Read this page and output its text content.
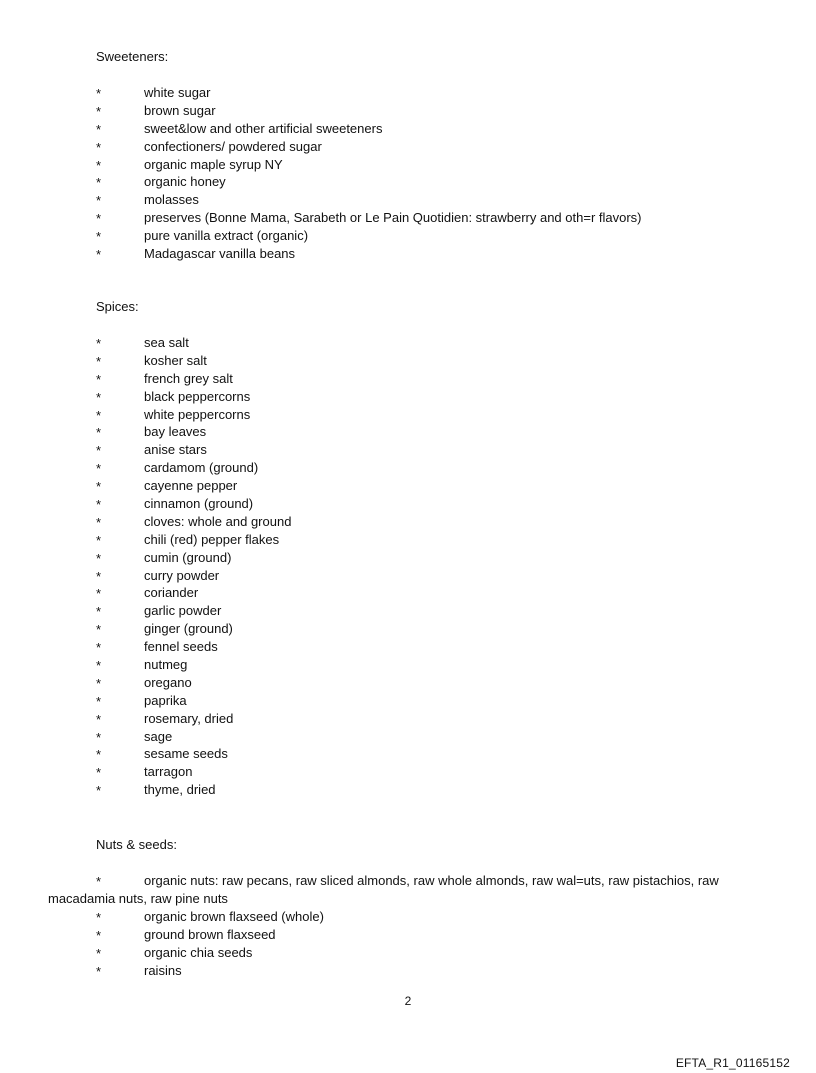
Sweeteners:
*	white sugar
*	brown sugar
*	sweet&low and other artificial sweeteners
*	confectioners/ powdered sugar
*	organic maple syrup NY
*	organic honey
*	molasses
*	preserves (Bonne Mama, Sarabeth or Le Pain Quotidien: strawberry and oth=r flavors)
*	pure vanilla extract (organic)
*	Madagascar vanilla beans
Spices:
*	sea salt
*	kosher salt
*	french grey salt
*	black peppercorns
*	white peppercorns
*	bay leaves
*	anise stars
*	cardamom (ground)
*	cayenne pepper
*	cinnamon (ground)
*	cloves: whole and ground
*	chili (red) pepper flakes
*	cumin (ground)
*	curry powder
*	coriander
*	garlic powder
*	ginger (ground)
*	fennel seeds
*	nutmeg
*	oregano
*	paprika
*	rosemary, dried
*	sage
*	sesame seeds
*	tarragon
*	thyme, dried
Nuts & seeds:
*	organic nuts: raw pecans, raw sliced almonds, raw whole almonds, raw wal=uts, raw pistachios, raw
macadamia nuts, raw pine nuts
*	organic brown flaxseed (whole)
*	ground brown flaxseed
*	organic chia seeds
*	raisins
2
EFTA_R1_01165152
